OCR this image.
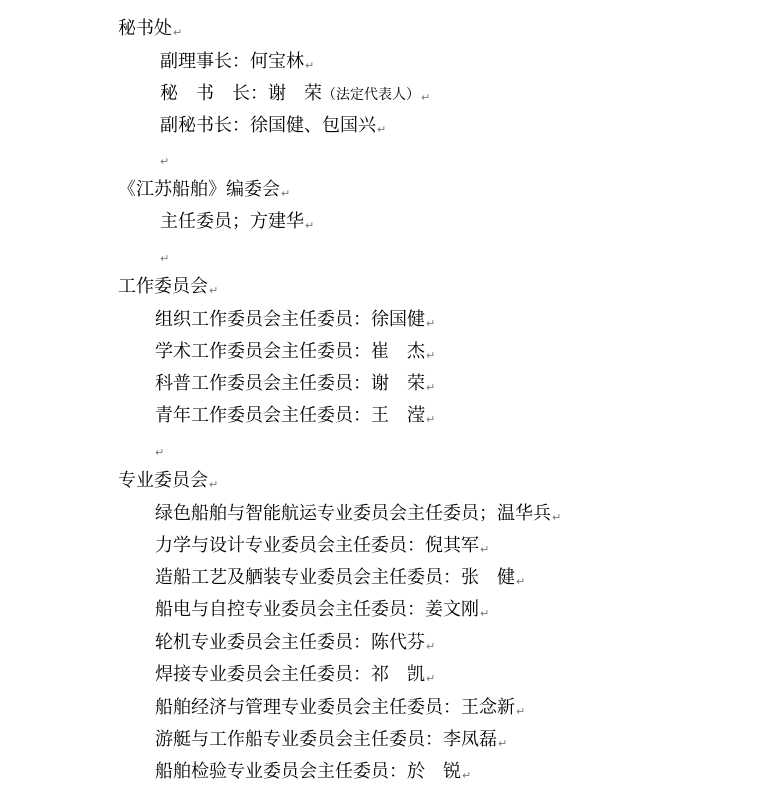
秘书处↵
副理事长：何宝林↵
秘　书　长：谢　荣（法定代表人）↵
副秘书长：徐国健、包国兴↵
↵
《江苏船舶》编委会↵
主任委员；方建华↵
↵
工作委员会↵
组织工作委员会主任委员：徐国健↵
学术工作委员会主任委员：崔　杰↵
科普工作委员会主任委员：谢　荣↵
青年工作委员会主任委员：王　滢↵
↵
专业委员会↵
绿色船舶与智能航运专业委员会主任委员；温华兵↵
力学与设计专业委员会主任委员：倪其军↵
造船工艺及舾装专业委员会主任委员：张　健↵
船电与自控专业委员会主任委员：姜文刚↵
轮机专业委员会主任委员：陈代芬↵
焊接专业委员会主任委员：祁　凯↵
船舶经济与管理专业委员会主任委员：王念新↵
游艇与工作船专业委员会主任委员：李凤磊↵
船舶检验专业委员会主任委员：於　锐↵
